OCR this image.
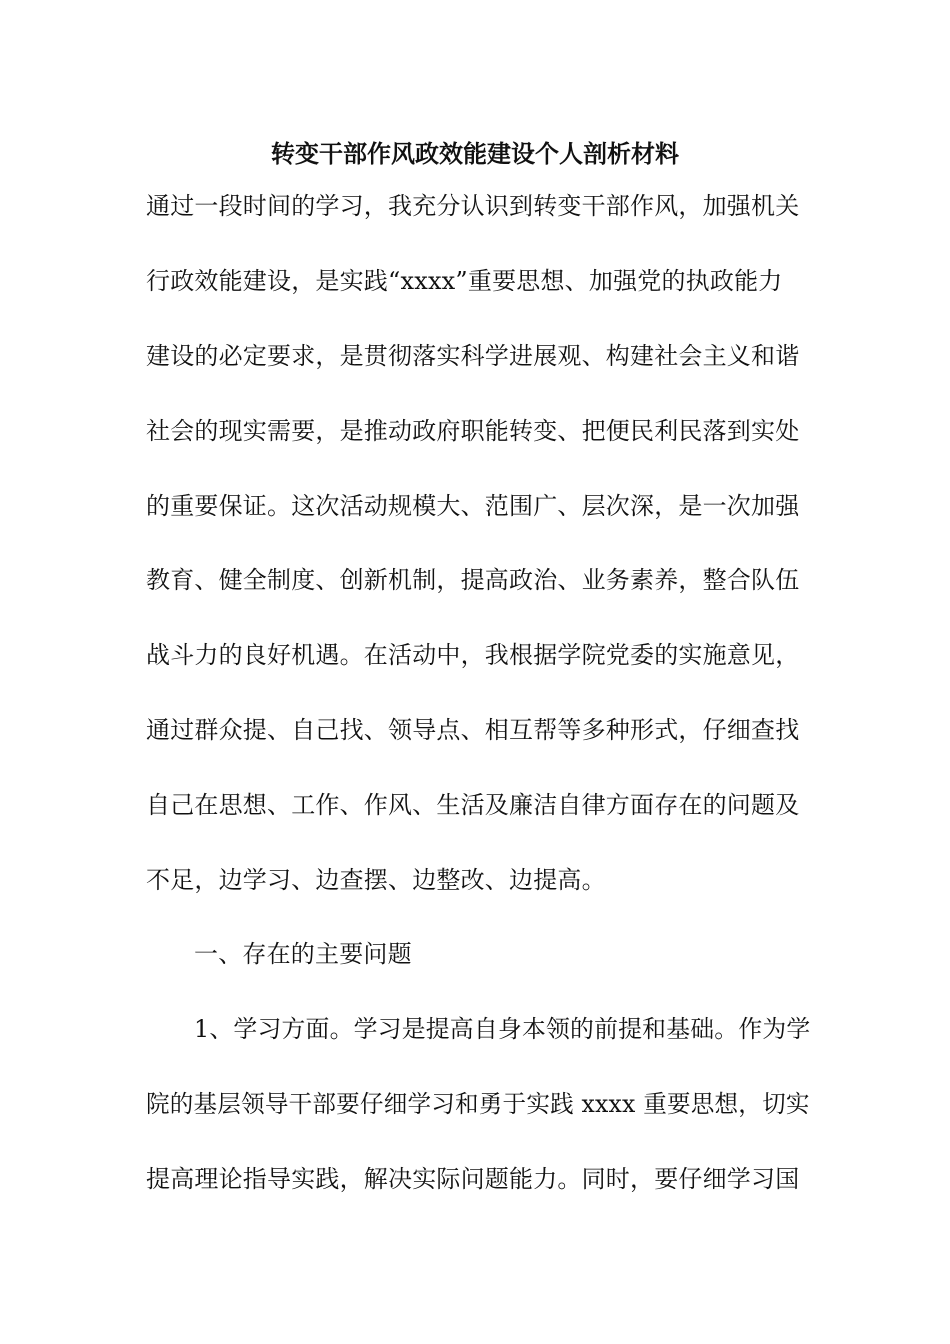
转变干部作风政效能建设个人剖析材料
通过一段时间的学习，我充分认识到转变干部作风，加强机关
行政效能建设，是实践“xxxx”重要思想、加强党的执政能力
建设的必定要求，是贯彻落实科学进展观、构建社会主义和谐
社会的现实需要，是推动政府职能转变、把便民利民落到实处
的重要保证。这次活动规模大、范围广、层次深，是一次加强
教育、健全制度、创新机制，提高政治、业务素养，整合队伍
战斗力的良好机遇。在活动中，我根据学院党委的实施意见，
通过群众提、自己找、领导点、相互帮等多种形式，仔细查找
自己在思想、工作、作风、生活及廉洁自律方面存在的问题及
不足，边学习、边查摆、边整改、边提高。
一、存在的主要问题
1、学习方面。学习是提高自身本领的前提和基础。作为学
院的基层领导干部要仔细学习和勇于实践 xxxx 重要思想，切实
提高理论指导实践，解决实际问题能力。同时，要仔细学习国
